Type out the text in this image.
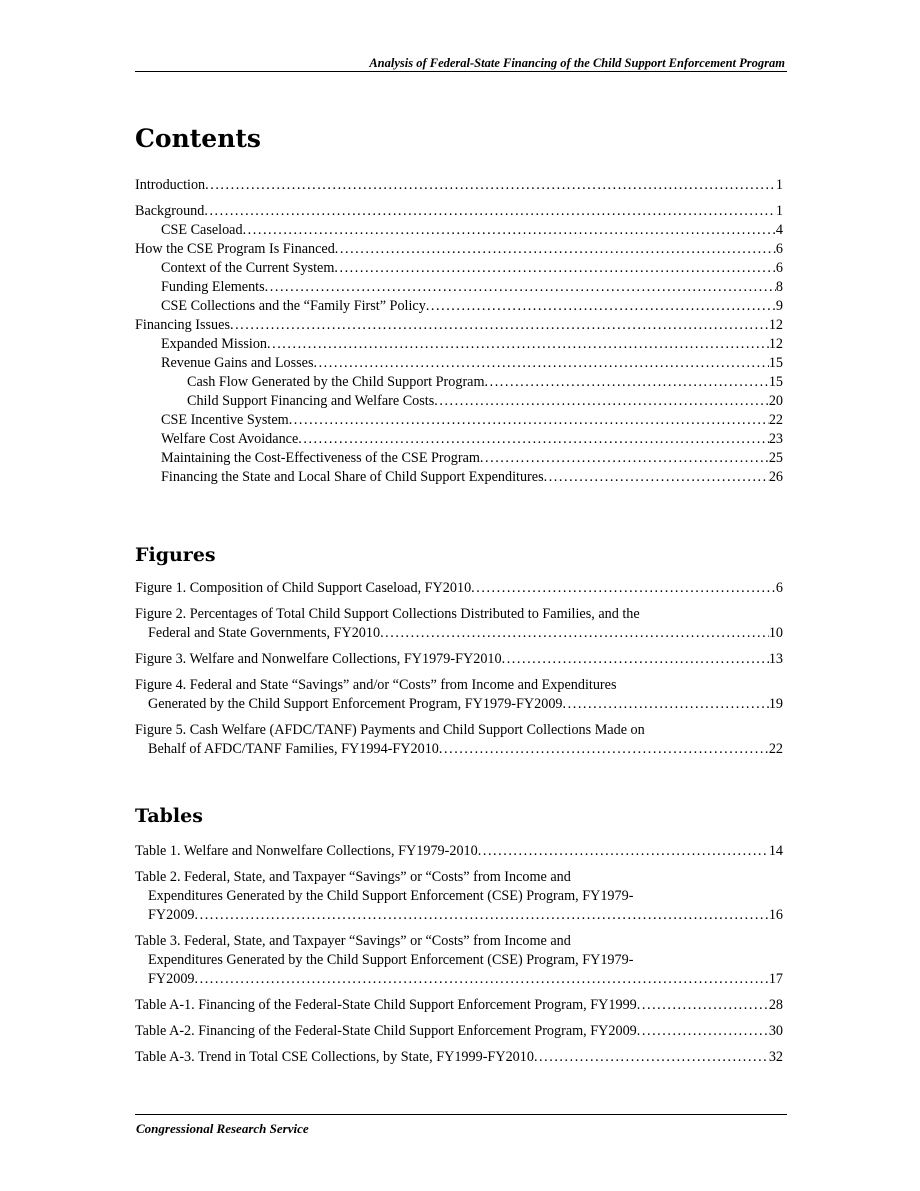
Analysis of Federal-State Financing of the Child Support Enforcement Program
Contents
Introduction . . .	1
Background . . .	1
CSE Caseload . . .	4
How the CSE Program Is Financed . . .	6
Context of the Current System . . .	6
Funding Elements . . .	8
CSE Collections and the “Family First” Policy . . .	9
Financing Issues . . .	12
Expanded Mission . . .	12
Revenue Gains and Losses . . .	15
Cash Flow Generated by the Child Support Program . . .	15
Child Support Financing and Welfare Costs . . .	20
CSE Incentive System . . .	22
Welfare Cost Avoidance . . .	23
Maintaining the Cost-Effectiveness of the CSE Program . . .	25
Financing the State and Local Share of Child Support Expenditures . . .	26
Figures
Figure 1. Composition of Child Support Caseload, FY2010 . . .	6
Figure 2. Percentages of Total Child Support Collections Distributed to Families, and the
Federal and State Governments, FY2010 . . .	10
Figure 3. Welfare and Nonwelfare Collections, FY1979-FY2010 . . .	13
Figure 4. Federal and State “Savings” and/or “Costs” from Income and Expenditures
Generated by the Child Support Enforcement Program, FY1979-FY2009 . . .	19
Figure 5. Cash Welfare (AFDC/TANF) Payments and Child Support Collections Made on
Behalf of AFDC/TANF Families, FY1994-FY2010 . . .	22
Tables
Table 1. Welfare and Nonwelfare Collections, FY1979-2010 . . .	14
Table 2. Federal, State, and Taxpayer “Savings” or “Costs” from Income and
Expenditures Generated by the Child Support Enforcement (CSE) Program, FY1979-
FY2009 . . .	16
Table 3. Federal, State, and Taxpayer “Savings” or “Costs” from Income and
Expenditures Generated by the Child Support Enforcement (CSE) Program, FY1979-
FY2009 . . .	17
Table A-1. Financing of the Federal-State Child Support Enforcement Program, FY1999 . . .	28
Table A-2. Financing of the Federal-State Child Support Enforcement Program, FY2009 . . .	30
Table A-3. Trend in Total CSE Collections, by State, FY1999-FY2010 . . .	32
Congressional Research Service
